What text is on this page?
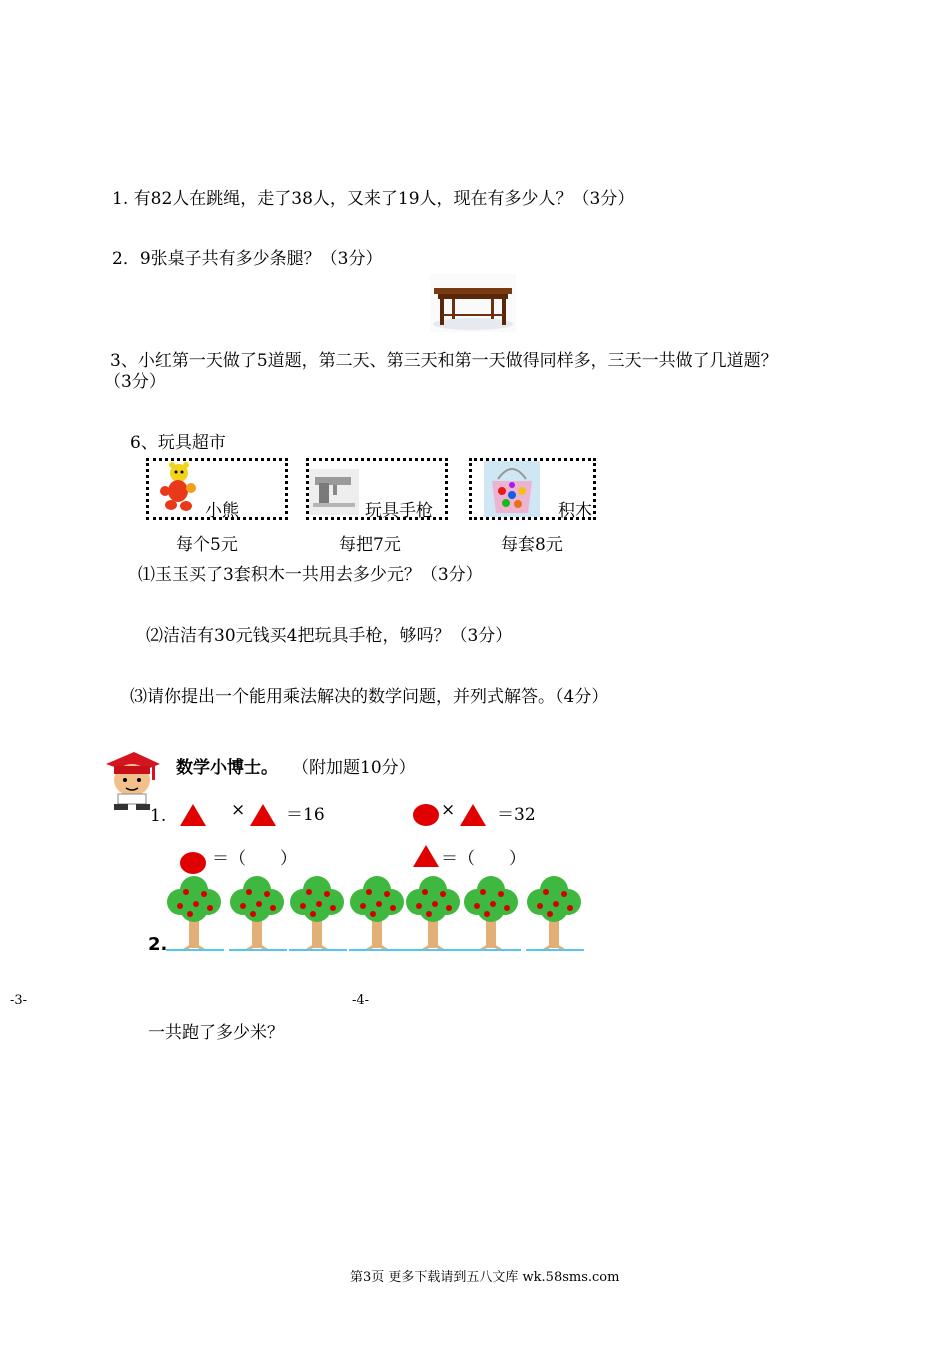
1. 有82人在跳绳，走了38人，又来了19人，现在有多少人？（3分）
2．9张桌子共有多少条腿？（3分）
3、小红第一天做了5道题，第二天、第三天和第一天做得同样多，三天一共做了几道题？
（3分）
6、玩具超市
小熊	玩具手枪	积木
每个5元	每把7元	每套8元
⑴玉玉买了3套积木一共用去多少元？（3分）
⑵洁洁有30元钱买4把玩具手枪，够吗？（3分）
⑶请你提出一个能用乘法解决的数学问题，并列式解答。（4分）
数学小博士。 （附加题10分）
1.	× ＝16	× ＝32
＝（　　）	＝（　　）
2.
-3-	-4-
一共跑了多少米？
第3页 更多下载请到五八文库 wk.58sms.com
